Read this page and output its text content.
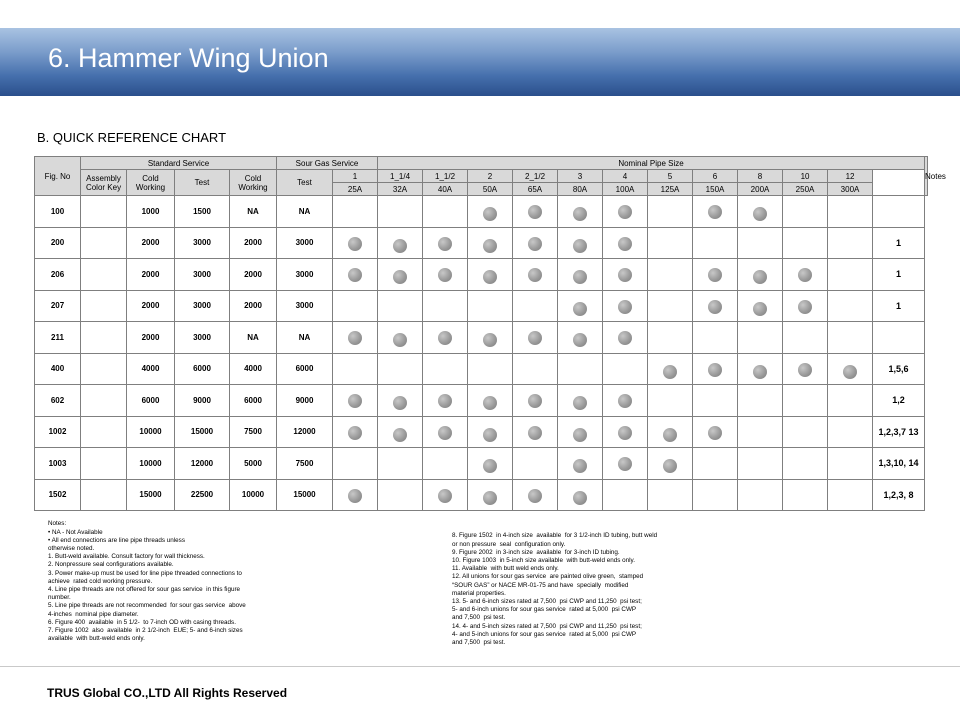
6. Hammer Wing Union
B. QUICK REFERENCE CHART
Fig. No	Standard Service				Sour Gas Service		Nominal Pipe Size												Notes
	Assembly Color Key	Cold Working	Test	Cold Working	Test	1	1_1/4	1_1/2	2	2_1/2	3	4	5	6	8	10	12		
						25A	32A	40A	50A	65A	80A	100A	125A	150A	200A	250A	300A		
100		1000	1500	NA	NA														
200		2000	3000	2000	3000													1	
206		2000	3000	2000	3000													1	
207		2000	3000	2000	3000													1	
211		2000	3000	NA	NA														
400		4000	6000	4000	6000													1,5,6	
602		6000	9000	6000	9000													1,2	
1002		10000	15000	7500	12000													1,2,3,7 13	
1003		10000	12000	5000	7500													1,3,10, 14	
1502		15000	22500	10000	15000													1,2,3, 8	

Notes:
• NA - Not Available
• All end connections are line pipe threads unless
otherwise noted.
1. Butt-weld available. Consult factory for wall thickness.
2. Nonpressure seal configurations available.
3. Power make-up must be used for line pipe threaded connections to
achieve  rated cold working pressure.
4. Line pipe threads are not offered for sour gas service  in this figure
number.
5. Line pipe threads are not recommended  for sour gas service  above
4-inches  nominal pipe diameter.
6. Figure 400  available  in 5 1/2-  to 7-inch OD with casing threads.
7. Figure 1002  also  available  in 2 1/2-inch  EUE; 5- and 6-inch sizes
available  with butt-weld ends only.

8. Figure 1502  in 4-inch size  available  for 3 1/2-inch ID tubing, butt weld
or non pressure  seal  configuration only.
9. Figure 2002  in 3-inch size  available  for 3-inch ID tubing.
10. Figure 1003  in 5-inch size available  with butt-weld ends only.
11. Available  with butt weld ends only.
12. All unions for sour gas service  are painted olive green,  stamped
“SOUR GAS” or NACE MR-01-75 and have  specially  modified
material properties.
13. 5- and 6-inch sizes rated at 7,500  psi CWP and 11,250  psi test;
5- and 6-inch unions for sour gas service  rated at 5,000  psi CWP
and 7,500  psi test.
14. 4- and 5-inch sizes rated at 7,500  psi CWP and 11,250  psi test;
4- and 5-inch unions for sour gas service  rated at 5,000  psi CWP
and 7,500  psi test.

TRUS Global CO.,LTD All Rights Reserved
